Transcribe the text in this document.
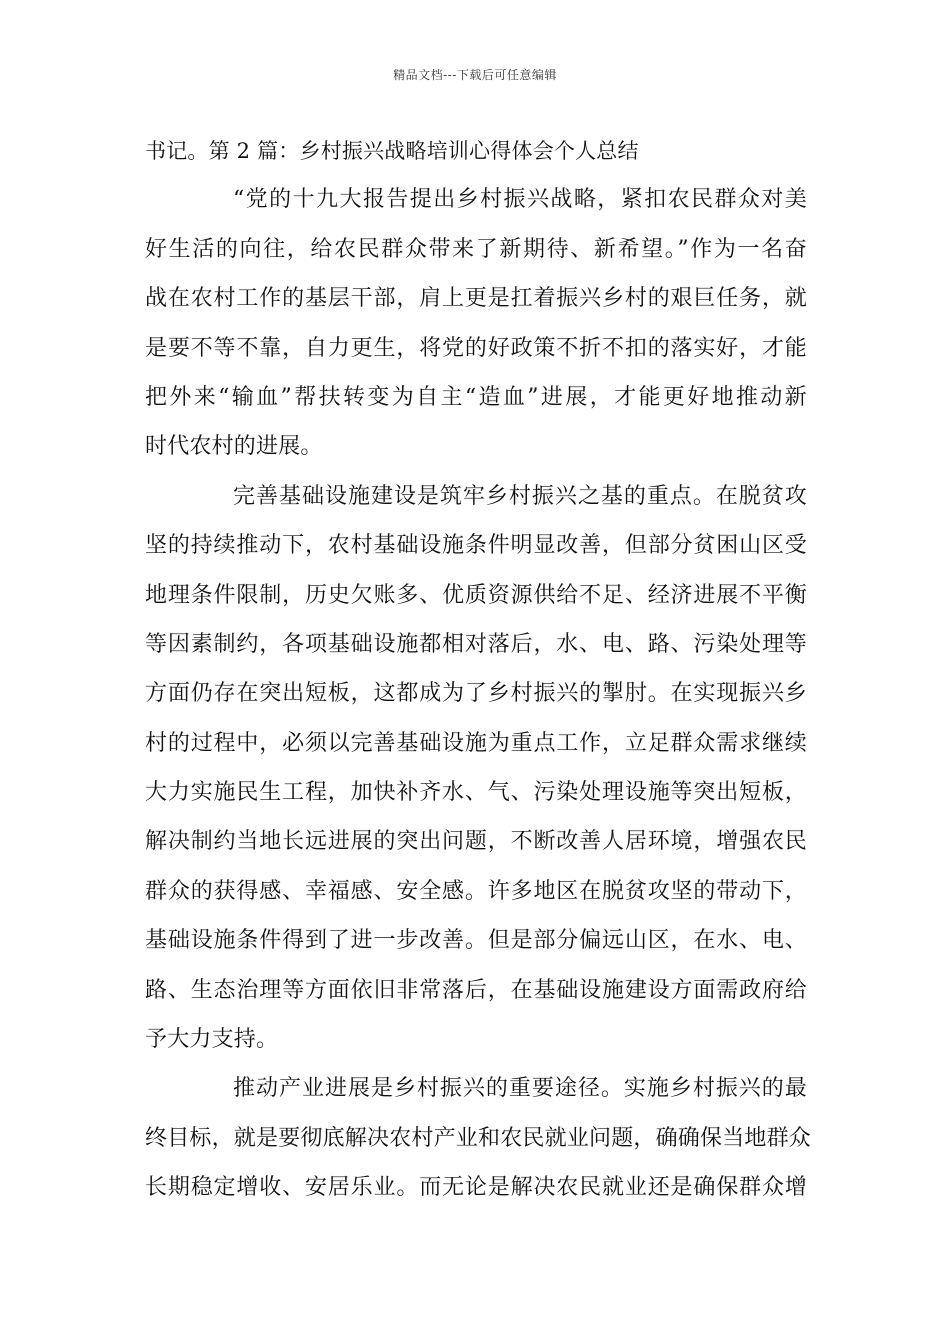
精品文档---下载后可任意编辑
书记。第 2 篇：乡村振兴战略培训心得体会个人总结
“党的十九大报告提出乡村振兴战略，紧扣农民群众对美
好生活的向往，给农民群众带来了新期待、新希望。”作为一名奋
战在农村工作的基层干部，肩上更是扛着振兴乡村的艰巨任务，就
是要不等不靠，自力更生，将党的好政策不折不扣的落实好，才能
把外来“输血”帮扶转变为自主“造血”进展，才能更好地推动新
时代农村的进展。
完善基础设施建设是筑牢乡村振兴之基的重点。在脱贫攻
坚的持续推动下，农村基础设施条件明显改善，但部分贫困山区受
地理条件限制，历史欠账多、优质资源供给不足、经济进展不平衡
等因素制约，各项基础设施都相对落后，水、电、路、污染处理等
方面仍存在突出短板，这都成为了乡村振兴的掣肘。在实现振兴乡
村的过程中，必须以完善基础设施为重点工作，立足群众需求继续
大力实施民生工程，加快补齐水、气、污染处理设施等突出短板，
解决制约当地长远进展的突出问题，不断改善人居环境，增强农民
群众的获得感、幸福感、安全感。许多地区在脱贫攻坚的带动下，
基础设施条件得到了进一步改善。但是部分偏远山区，在水、电、
路、生态治理等方面依旧非常落后，在基础设施建设方面需政府给
予大力支持。
推动产业进展是乡村振兴的重要途径。实施乡村振兴的最
终目标，就是要彻底解决农村产业和农民就业问题，确确保当地群众
长期稳定增收、安居乐业。而无论是解决农民就业还是确保群众增
